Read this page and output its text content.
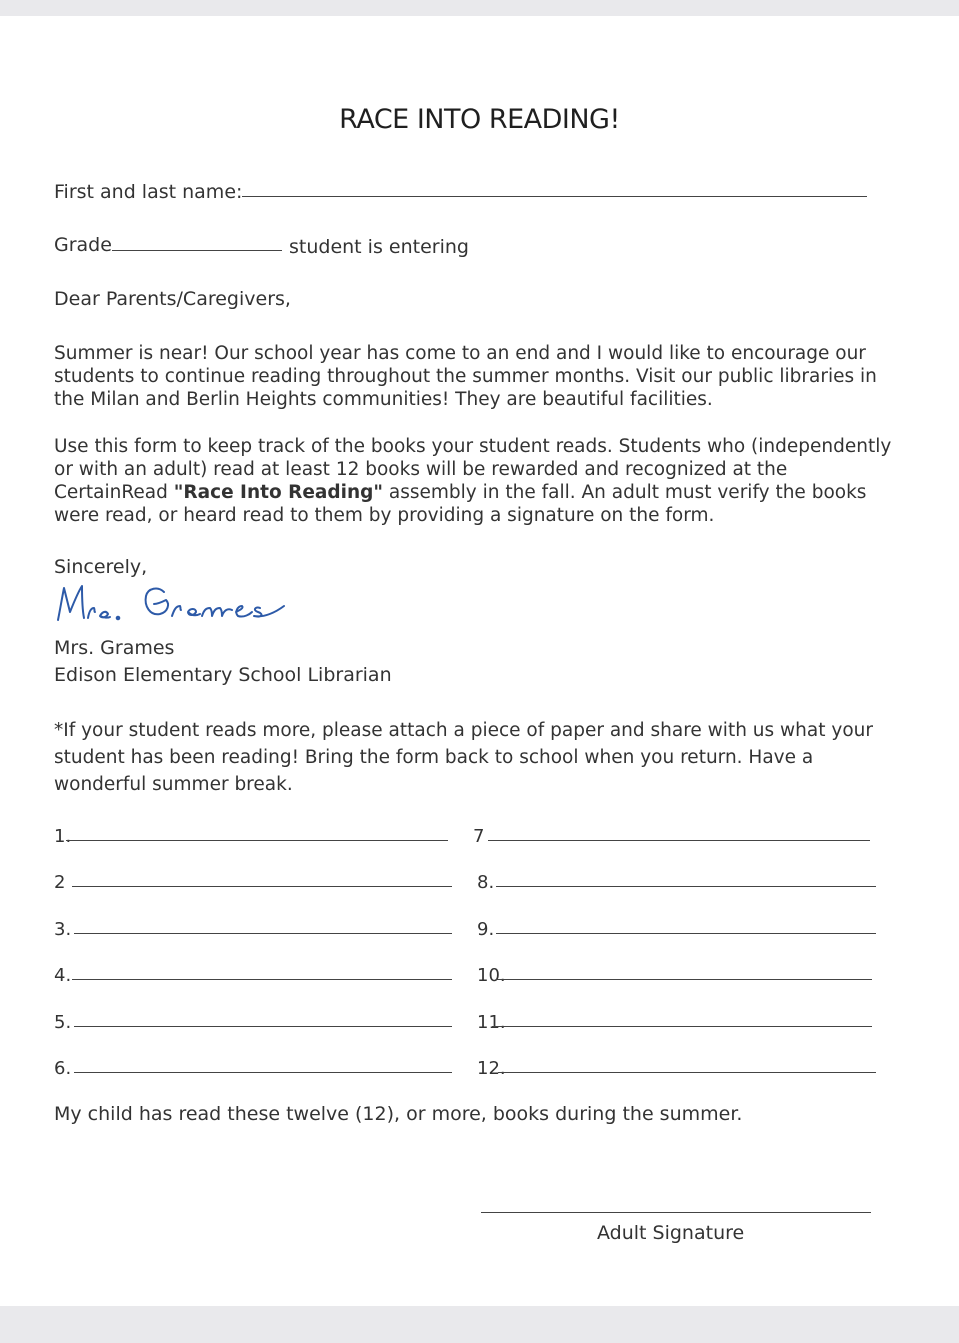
RACE INTO READING!
First and last name:
Grade	student is entering
Dear Parents/Caregivers,
Summer is near! Our school year has come to an end and I would like to encourage our students to continue reading throughout the summer months. Visit our public libraries in the Milan and Berlin Heights communities! They are beautiful facilities.
Use this form to keep track of the books your student reads. Students who (independently or with an adult) read at least 12 books will be rewarded and recognized at the CertainRead "Race Into Reading" assembly in the fall. An adult must verify the books were read, or heard read to them by providing a signature on the form.
Sincerely,
Mrs. Grames
Edison Elementary School Librarian
*If your student reads more, please attach a piece of paper and share with us what your student has been reading! Bring the form back to school when you return. Have a wonderful summer break.
1.
2
3.
4.
5.
6.
7
8.
9.
10.
11.
12.
My child has read these twelve (12), or more, books during the summer.
Adult Signature
